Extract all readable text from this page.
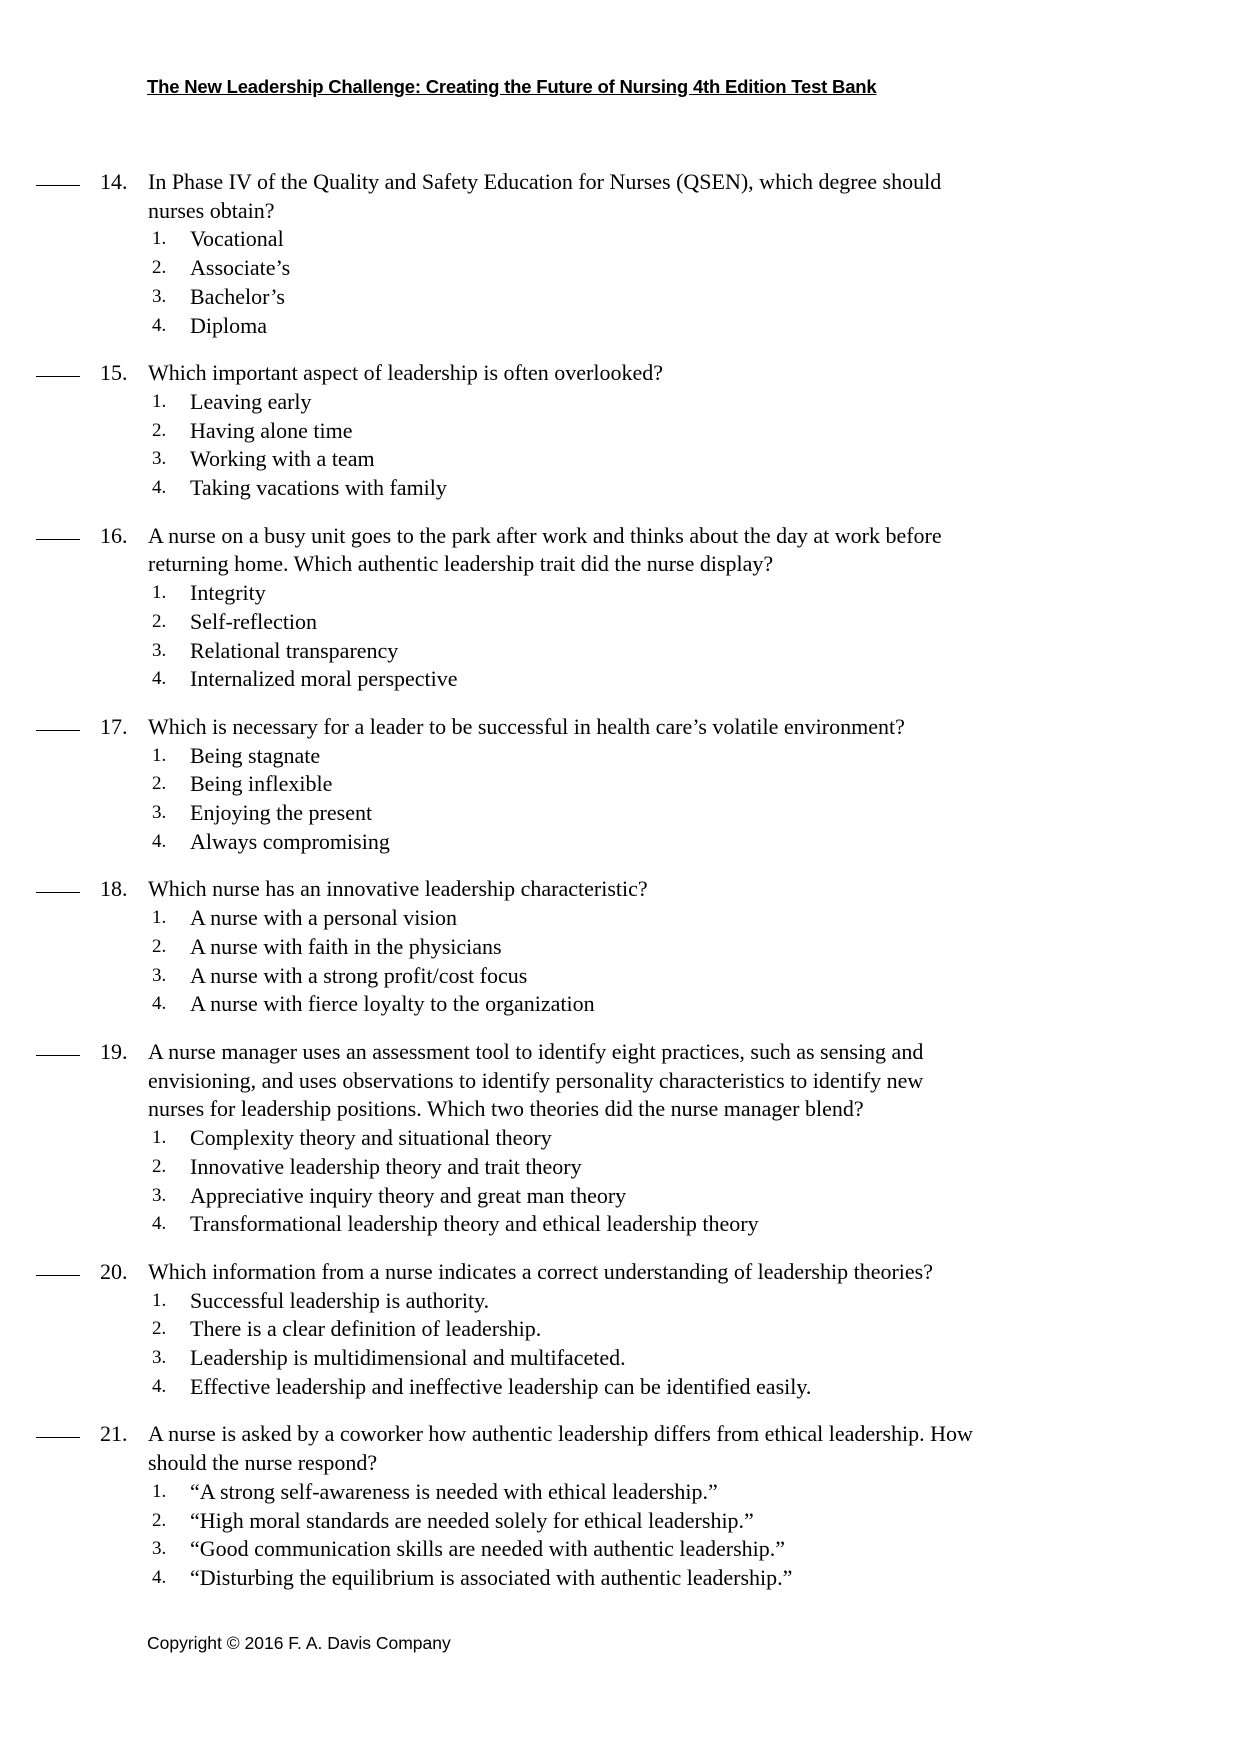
The New Leadership Challenge: Creating the Future of Nursing 4th Edition Test Bank
14. In Phase IV of the Quality and Safety Education for Nurses (QSEN), which degree should
nurses obtain?
1. Vocational
2. Associate’s
3. Bachelor’s
4. Diploma
15. Which important aspect of leadership is often overlooked?
1. Leaving early
2. Having alone time
3. Working with a team
4. Taking vacations with family
16. A nurse on a busy unit goes to the park after work and thinks about the day at work before
returning home. Which authentic leadership trait did the nurse display?
1. Integrity
2. Self-reflection
3. Relational transparency
4. Internalized moral perspective
17. Which is necessary for a leader to be successful in health care’s volatile environment?
1. Being stagnate
2. Being inflexible
3. Enjoying the present
4. Always compromising
18. Which nurse has an innovative leadership characteristic?
1. A nurse with a personal vision
2. A nurse with faith in the physicians
3. A nurse with a strong profit/cost focus
4. A nurse with fierce loyalty to the organization
19. A nurse manager uses an assessment tool to identify eight practices, such as sensing and
envisioning, and uses observations to identify personality characteristics to identify new
nurses for leadership positions. Which two theories did the nurse manager blend?
1. Complexity theory and situational theory
2. Innovative leadership theory and trait theory
3. Appreciative inquiry theory and great man theory
4. Transformational leadership theory and ethical leadership theory
20. Which information from a nurse indicates a correct understanding of leadership theories?
1. Successful leadership is authority.
2. There is a clear definition of leadership.
3. Leadership is multidimensional and multifaceted.
4. Effective leadership and ineffective leadership can be identified easily.
21. A nurse is asked by a coworker how authentic leadership differs from ethical leadership. How
should the nurse respond?
1. “A strong self-awareness is needed with ethical leadership.”
2. “High moral standards are needed solely for ethical leadership.”
3. “Good communication skills are needed with authentic leadership.”
4. “Disturbing the equilibrium is associated with authentic leadership.”
Copyright © 2016 F. A. Davis Company
